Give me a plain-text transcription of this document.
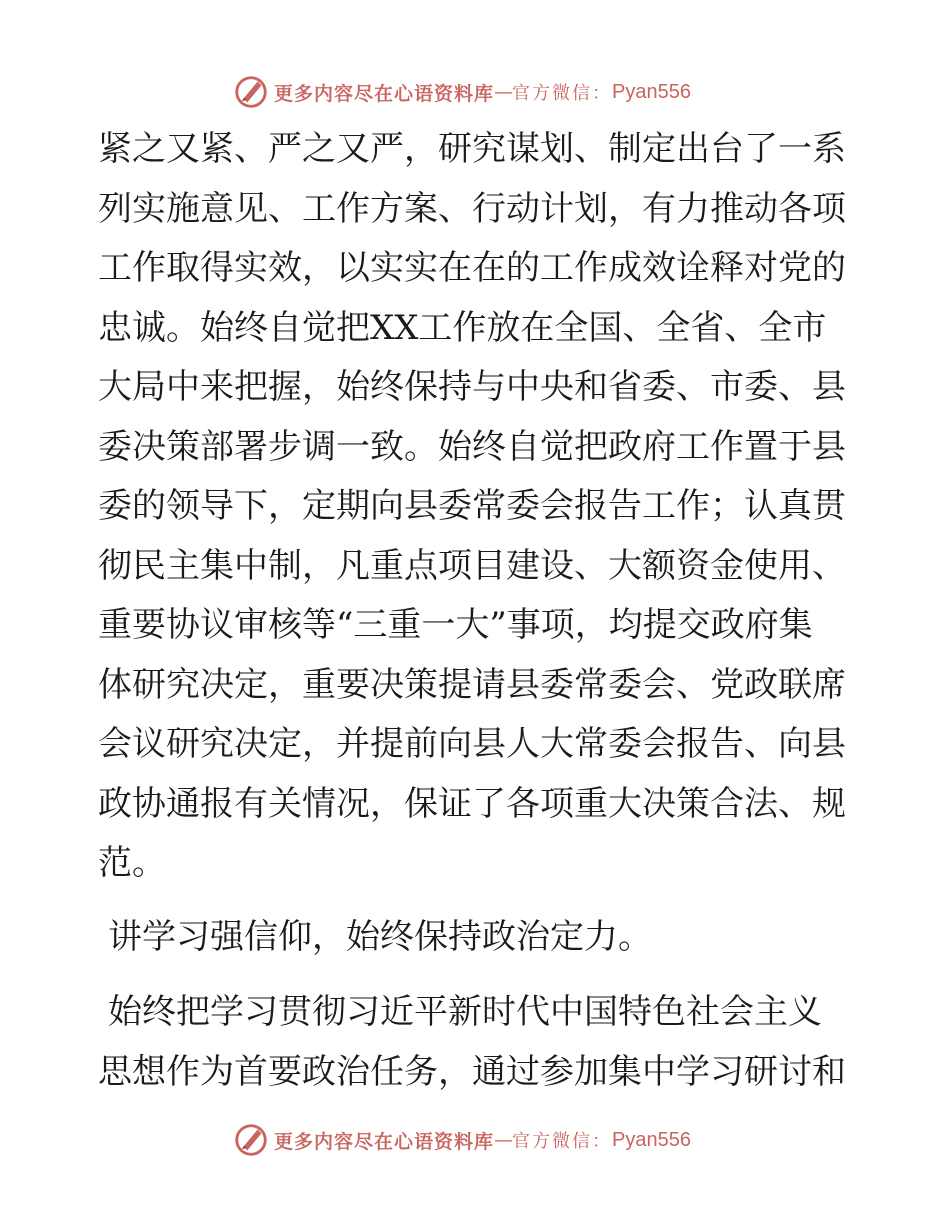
更多内容尽在心语资料库 — 官方微信： Pyan556

紧之又紧、严之又严，研究谋划、制定出台了一系
列实施意见、工作方案、行动计划，有力推动各项
工作取得实效，以实实在在的工作成效诠释对党的
忠诚。始终自觉把XX工作放在全国、全省、全市
大局中来把握，始终保持与中央和省委、市委、县
委决策部署步调一致。始终自觉把政府工作置于县
委的领导下，定期向县委常委会报告工作；认真贯
彻民主集中制，凡重点项目建设、大额资金使用、
重要协议审核等“三重一大”事项，均提交政府集
体研究决定，重要决策提请县委常委会、党政联席
会议研究决定，并提前向县人大常委会报告、向县
政协通报有关情况，保证了各项重大决策合法、规
范。

讲学习强信仰，始终保持政治定力。

始终把学习贯彻习近平新时代中国特色社会主义
思想作为首要政治任务，通过参加集中学习研讨和

更多内容尽在心语资料库 — 官方微信： Pyan556
